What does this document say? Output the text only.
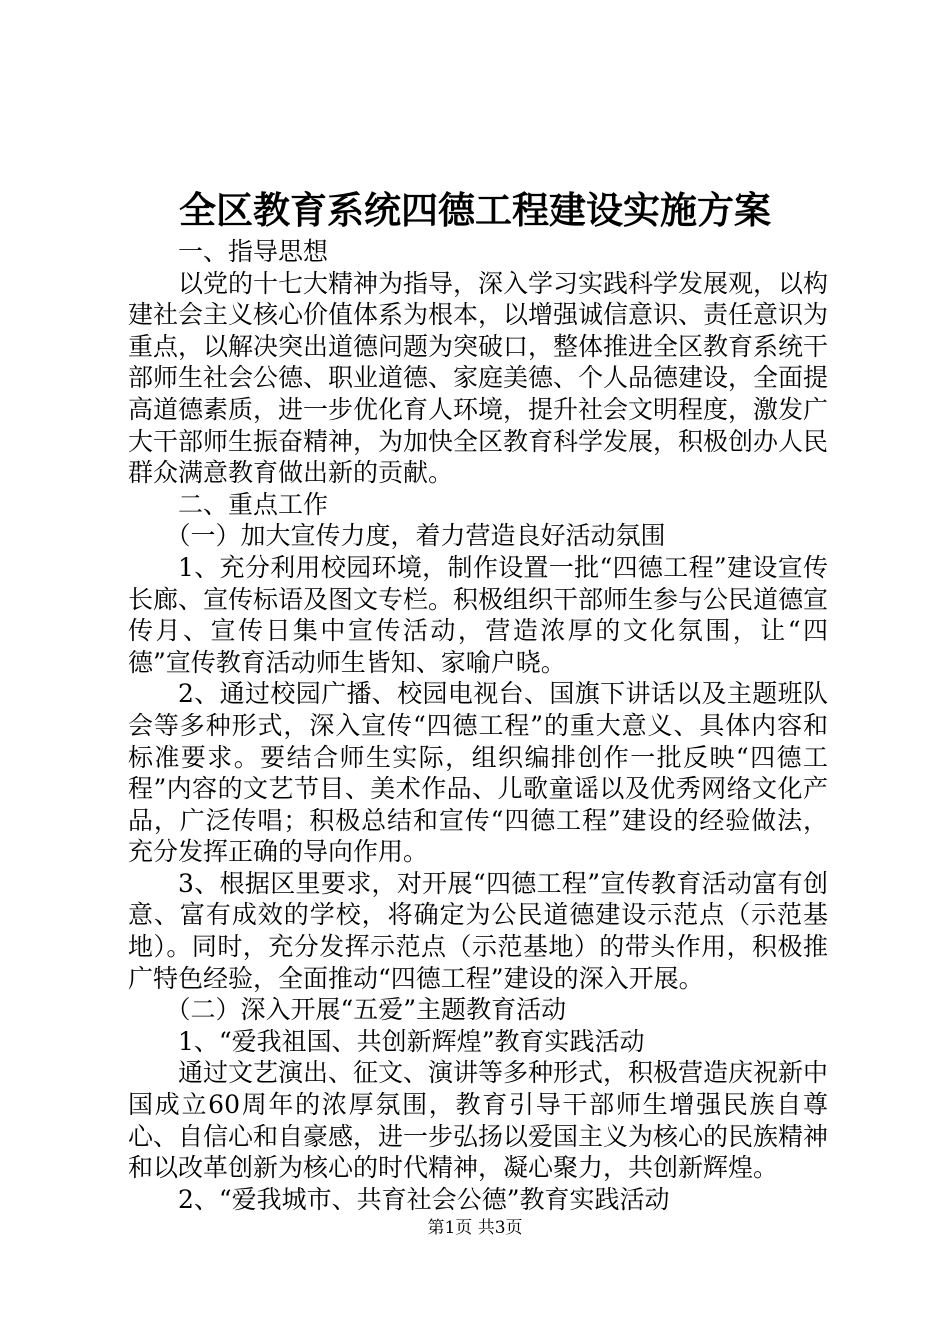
全区教育系统四德工程建设实施方案

一、指导思想

以党的十七大精神为指导，深入学习实践科学发展观，以构建社会主义核心价值体系为根本，以增强诚信意识、责任意识为重点，以解决突出道德问题为突破口，整体推进全区教育系统干部师生社会公德、职业道德、家庭美德、个人品德建设，全面提高道德素质，进一步优化育人环境，提升社会文明程度，激发广大干部师生振奋精神，为加快全区教育科学发展，积极创办人民群众满意教育做出新的贡献。

二、重点工作

（一）加大宣传力度，着力营造良好活动氛围

1、充分利用校园环境，制作设置一批“四德工程”建设宣传长廊、宣传标语及图文专栏。积极组织干部师生参与公民道德宣传月、宣传日集中宣传活动，营造浓厚的文化氛围，让“四德”宣传教育活动师生皆知、家喻户晓。

2、通过校园广播、校园电视台、国旗下讲话以及主题班队会等多种形式，深入宣传“四德工程”的重大意义、具体内容和标准要求。要结合师生实际，组织编排创作一批反映“四德工程”内容的文艺节目、美术作品、儿歌童谣以及优秀网络文化产品，广泛传唱；积极总结和宣传“四德工程”建设的经验做法，充分发挥正确的导向作用。

3、根据区里要求，对开展“四德工程”宣传教育活动富有创意、富有成效的学校，将确定为公民道德建设示范点（示范基地）。同时，充分发挥示范点（示范基地）的带头作用，积极推广特色经验，全面推动“四德工程”建设的深入开展。

（二）深入开展“五爱”主题教育活动

1、“爱我祖国、共创新辉煌”教育实践活动

通过文艺演出、征文、演讲等多种形式，积极营造庆祝新中国成立60周年的浓厚氛围，教育引导干部师生增强民族自尊心、自信心和自豪感，进一步弘扬以爱国主义为核心的民族精神和以改革创新为核心的时代精神，凝心聚力，共创新辉煌。

2、“爱我城市、共育社会公德”教育实践活动

第1页 共3页
